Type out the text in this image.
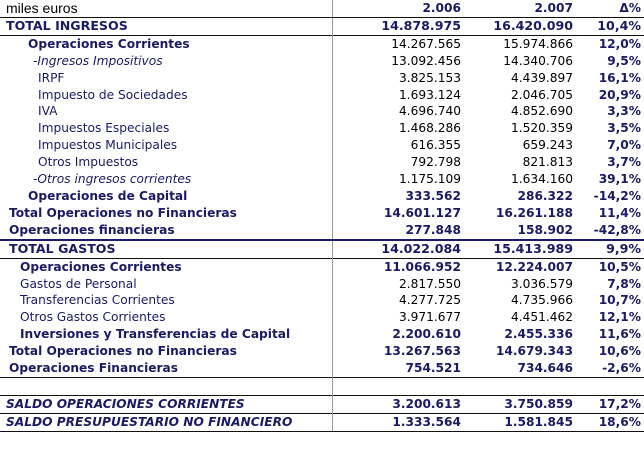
miles euros	2.006	2.007	Δ%
TOTAL INGRESOS	14.878.975	16.420.090	10,4%
Operaciones Corrientes	14.267.565	15.974.866	12,0%
-Ingresos Impositivos	13.092.456	14.340.706	9,5%
IRPF	3.825.153	4.439.897	16,1%
Impuesto de Sociedades	1.693.124	2.046.705	20,9%
IVA	4.696.740	4.852.690	3,3%
Impuestos Especiales	1.468.286	1.520.359	3,5%
Impuestos Municipales	616.355	659.243	7,0%
Otros Impuestos	792.798	821.813	3,7%
-Otros ingresos corrientes	1.175.109	1.634.160	39,1%
Operaciones de Capital	333.562	286.322	-14,2%
Total Operaciones no Financieras	14.601.127	16.261.188	11,4%
Operaciones financieras	277.848	158.902	-42,8%
TOTAL GASTOS	14.022.084	15.413.989	9,9%
Operaciones Corrientes	11.066.952	12.224.007	10,5%
Gastos de Personal	2.817.550	3.036.579	7,8%
Transferencias Corrientes	4.277.725	4.735.966	10,7%
Otros Gastos Corrientes	3.971.677	4.451.462	12,1%
Inversiones y Transferencias de Capital	2.200.610	2.455.336	11,6%
Total Operaciones no Financieras	13.267.563	14.679.343	10,6%
Operaciones Financieras	754.521	734.646	-2,6%

SALDO OPERACIONES CORRIENTES	3.200.613	3.750.859	17,2%
SALDO PRESUPUESTARIO NO FINANCIERO	1.333.564	1.581.845	18,6%
